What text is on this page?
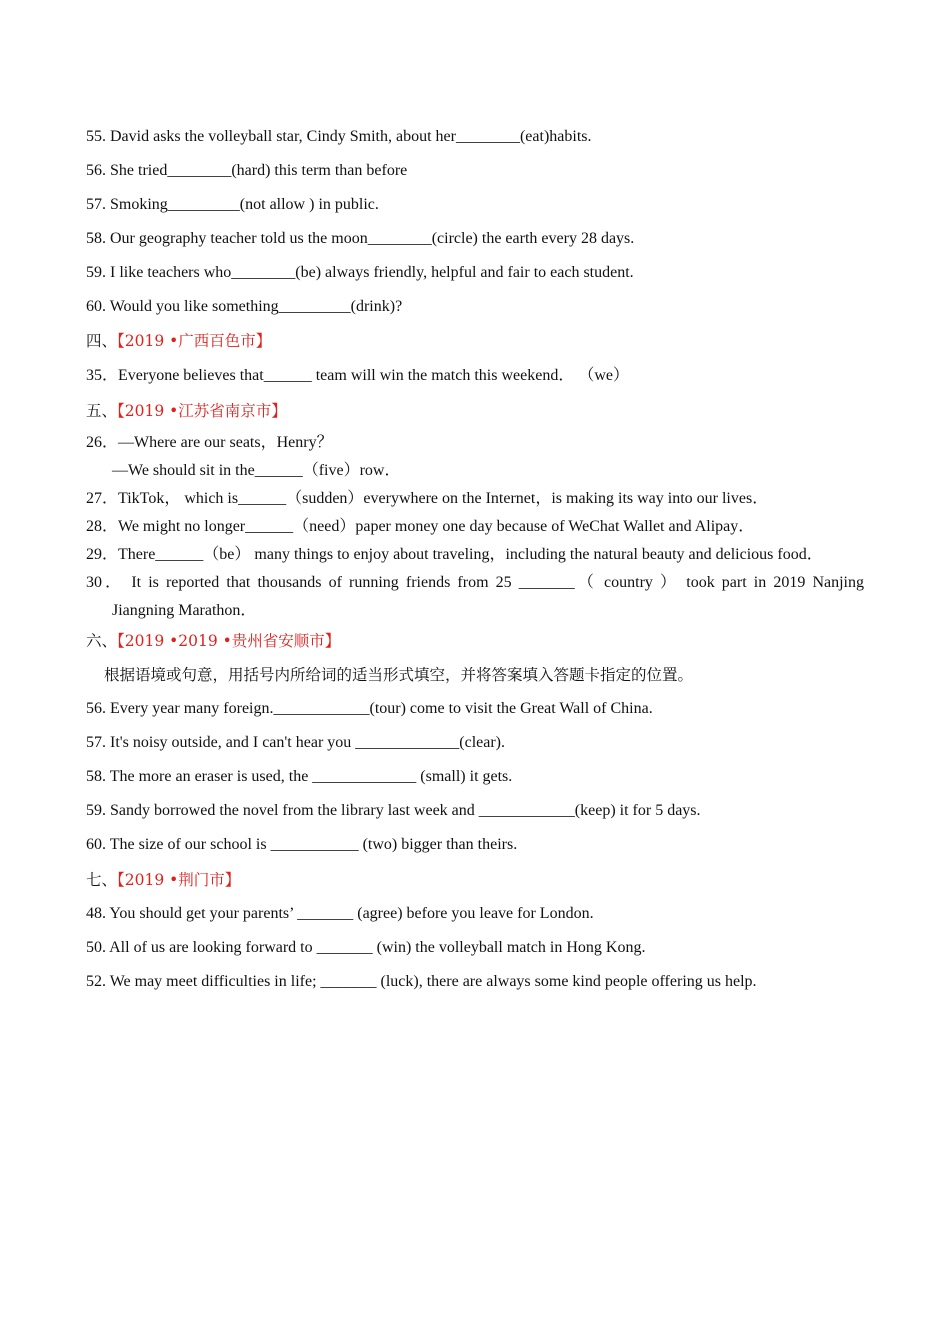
55. David asks the volleyball star, Cindy Smith, about her________(eat)habits.
56. She tried________(hard) this term than before
57. Smoking_________(not allow ) in public.
58. Our geography teacher told us the moon________(circle) the earth every 28 days.
59. I like teachers who________(be) always friendly, helpful and fair to each student.
60. Would you like something_________(drink)?
四、【2019 •广西百色市】
35．Everyone believes that______ team will win the match this weekend． （we）
五、【2019 •江苏省南京市】
26．—Where are our seats，Henry？
—We should sit in the______（five）row．
27．TikTok， which is______（sudden）everywhere on the Internet，is making its way into our lives．
28．We might no longer______（need）paper money one day because of WeChat Wallet and Alipay．
29．There______（be） many things to enjoy about traveling，including the natural beauty and delicious food．
30． It is reported that thousands of running friends from 25 _______（ country ） took part in 2019 Nanjing
Jiangning Marathon．
六、【2019 •2019 •贵州省安顺市】
根据语境或句意，用括号内所给词的适当形式填空，并将答案填入答题卡指定的位置。
56. Every year many foreign.____________(tour) come to visit the Great Wall of China.
57. It's noisy outside, and I can't hear you _____________(clear).
58. The more an eraser is used, the _____________ (small) it gets.
59. Sandy borrowed the novel from the library last week and ____________(keep) it for 5 days.
60. The size of our school is ___________ (two) bigger than theirs.
七、【2019 •荆门市】
48. You should get your parents’ _______ (agree) before you leave for London.
50. All of us are looking forward to _______ (win) the volleyball match in Hong Kong.
52. We may meet difficulties in life; _______ (luck), there are always some kind people offering us help.
